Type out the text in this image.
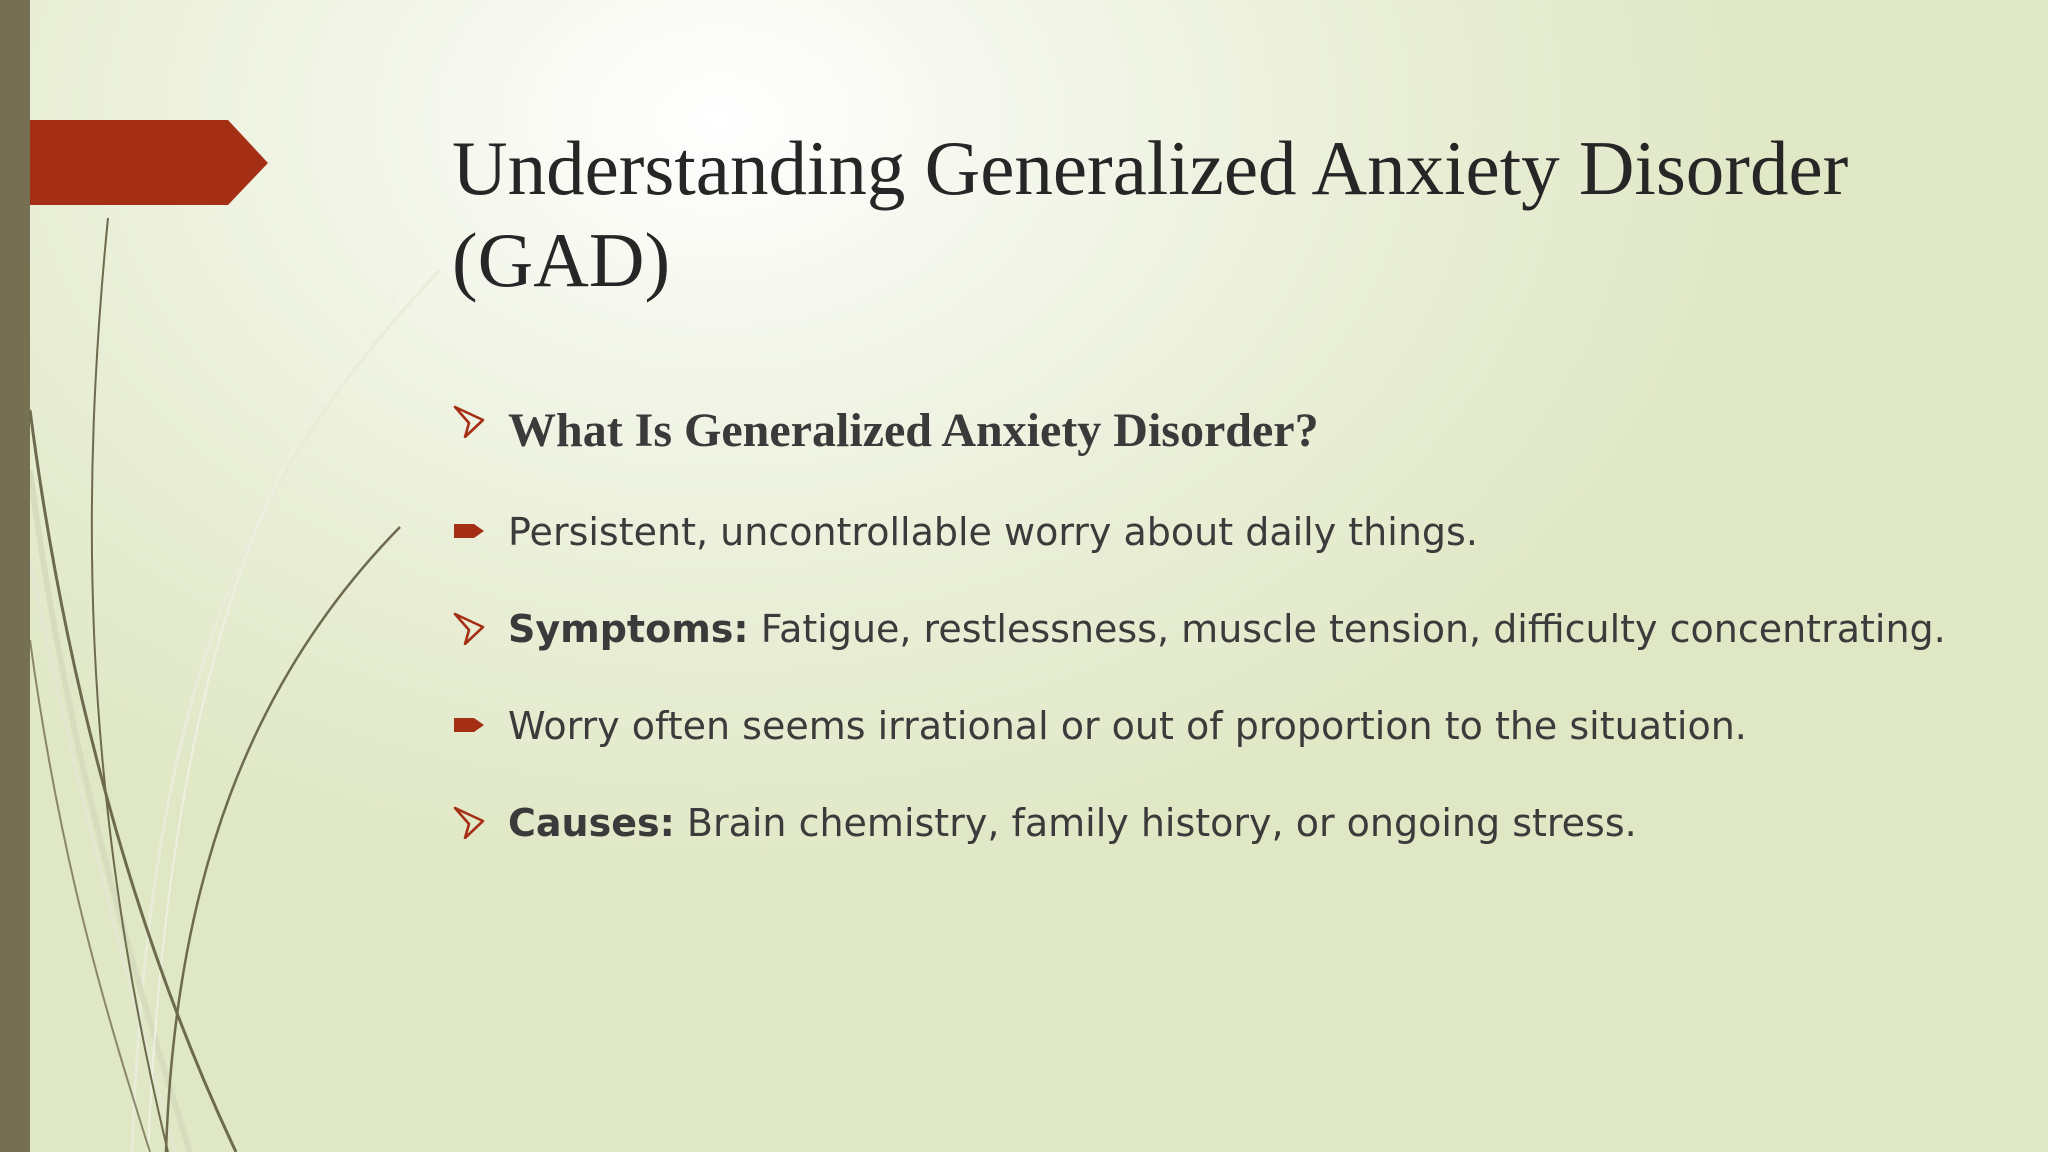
Understanding Generalized Anxiety Disorder (GAD)
What Is Generalized Anxiety Disorder?
Persistent, uncontrollable worry about daily things.
Symptoms: Fatigue, restlessness, muscle tension, difficulty concentrating.
Worry often seems irrational or out of proportion to the situation.
Causes: Brain chemistry, family history, or ongoing stress.
